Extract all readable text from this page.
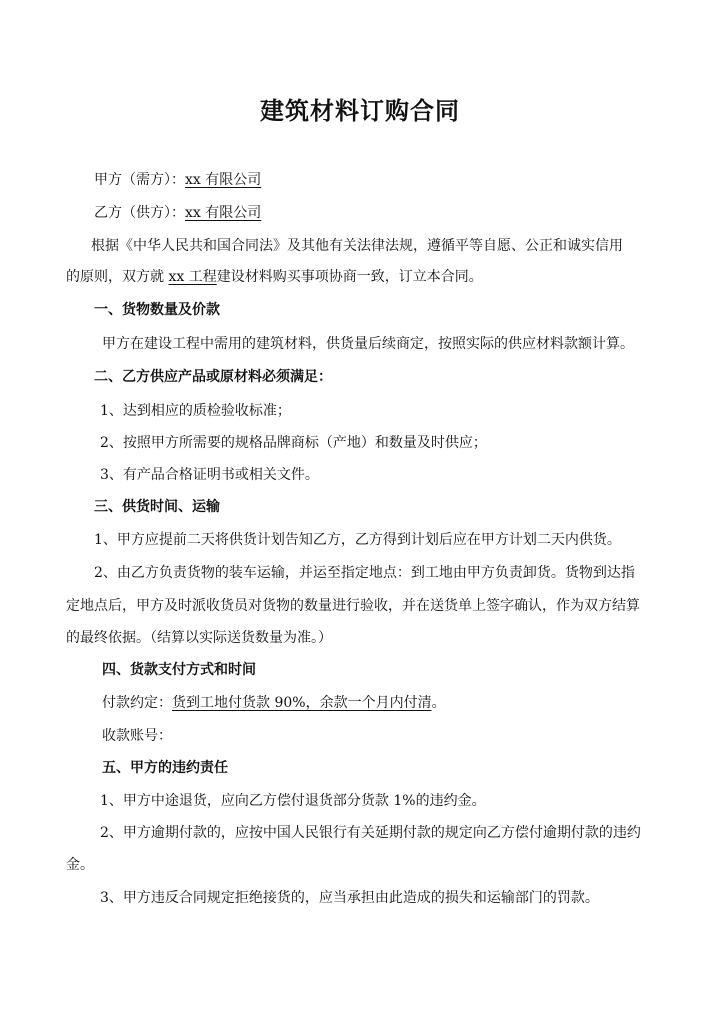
建筑材料订购合同
甲方（需方）：xx 有限公司
乙方（供方）：xx 有限公司
根据《中华人民共和国合同法》及其他有关法律法规，遵循平等自愿、公正和诚实信用
的原则，双方就 xx 工程建设材料购买事项协商一致，订立本合同。
一、货物数量及价款
甲方在建设工程中需用的建筑材料，供货量后续商定，按照实际的供应材料款额计算。
二、乙方供应产品或原材料必须满足：
1、达到相应的质检验收标准；
2、按照甲方所需要的规格品牌商标（产地）和数量及时供应；
3、有产品合格证明书或相关文件。
三、供货时间、运输
1、甲方应提前二天将供货计划告知乙方，乙方得到计划后应在甲方计划二天内供货。
2、由乙方负责货物的装车运输，并运至指定地点：到工地由甲方负责卸货。货物到达指
定地点后，甲方及时派收货员对货物的数量进行验收，并在送货单上签字确认，作为双方结算
的最终依据。（结算以实际送货数量为准。）
四、货款支付方式和时间
付款约定：货到工地付货款 90%，余款一个月内付清。
收款账号：
五、甲方的违约责任
1、甲方中途退货，应向乙方偿付退货部分货款 1%的违约金。
2、甲方逾期付款的，应按中国人民银行有关延期付款的规定向乙方偿付逾期付款的违约
金。
3、甲方违反合同规定拒绝接货的，应当承担由此造成的损失和运输部门的罚款。
